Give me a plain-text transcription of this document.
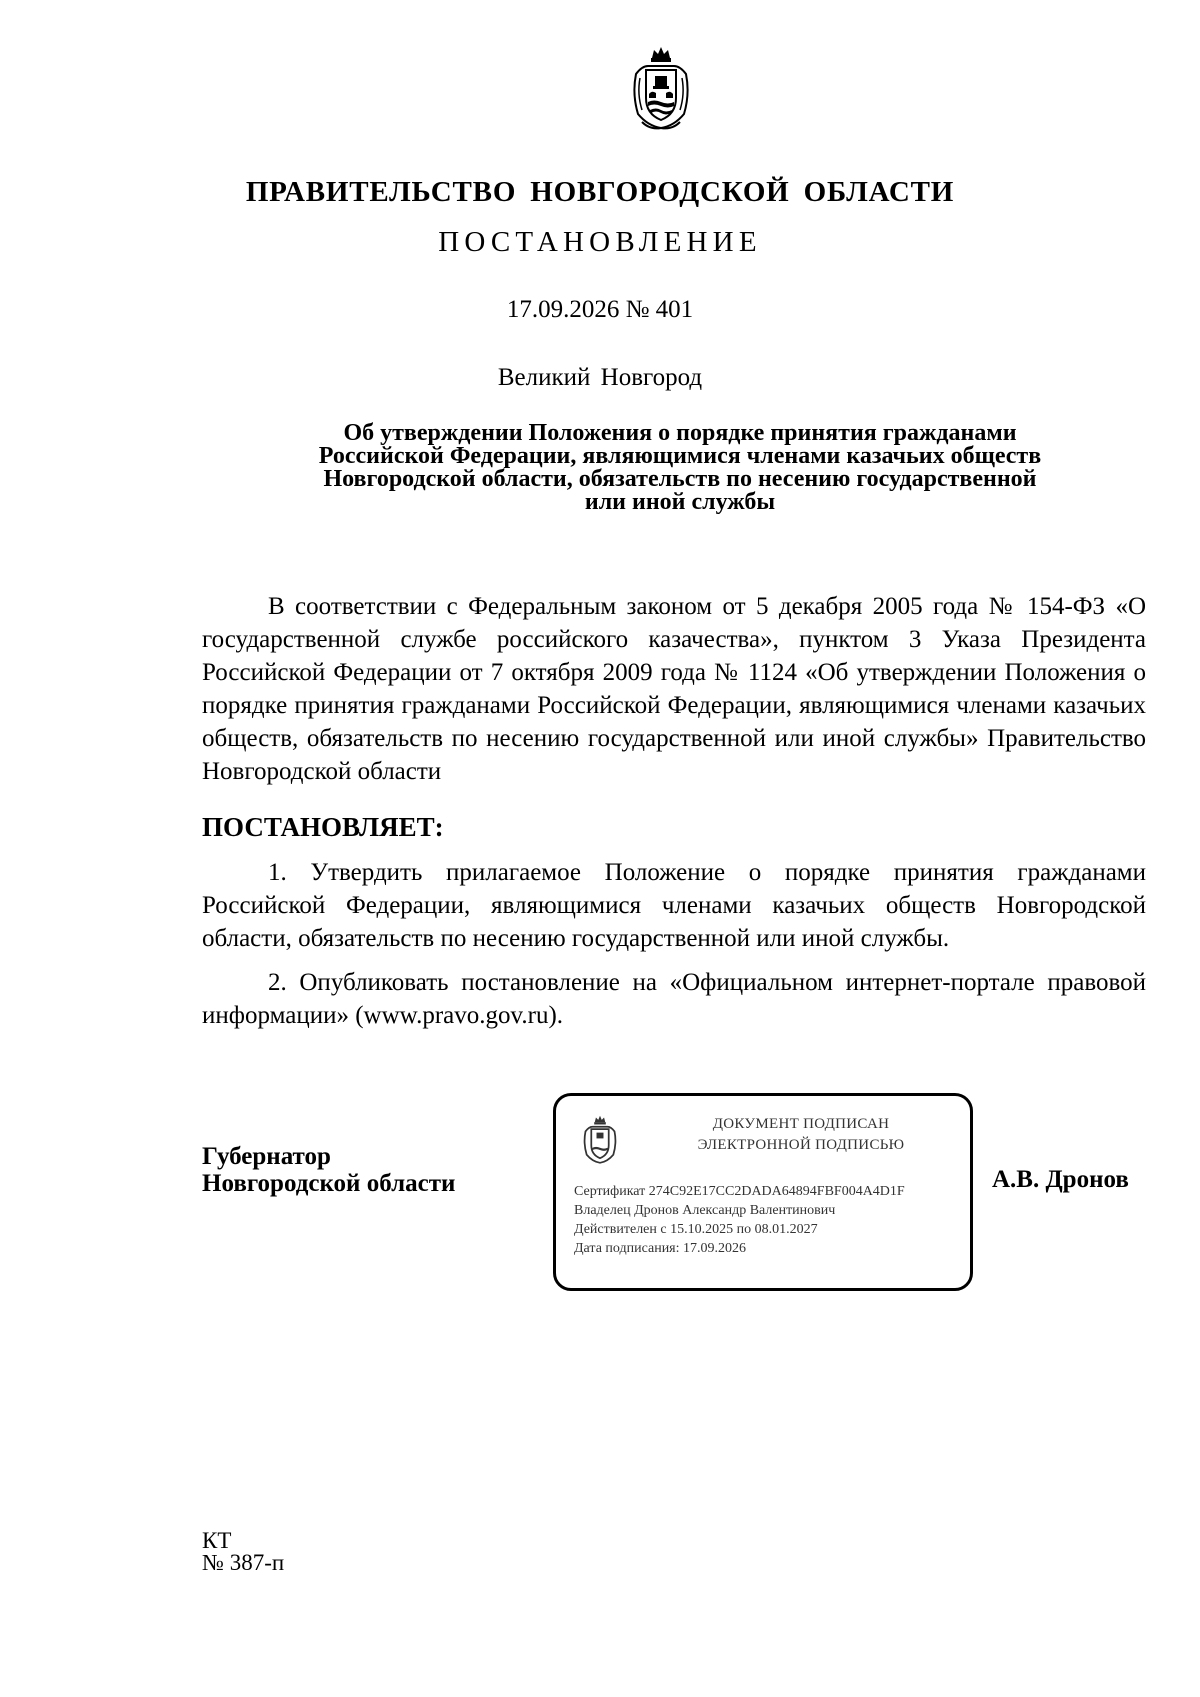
ПРАВИТЕЛЬСТВО НОВГОРОДСКОЙ ОБЛАСТИ
ПОСТАНОВЛЕНИЕ
17.09.2026 № 401
Великий Новгород
Об утверждении Положения о порядке принятия гражданами
Российской Федерации, являющимися членами казачьих обществ
Новгородской области, обязательств по несению государственной
или иной службы
В соответствии с Федеральным законом от 5 декабря 2005 года № 154-ФЗ «О государственной службе российского казачества», пунктом 3 Указа Президента Российской Федерации от 7 октября 2009 года № 1124 «Об утверждении Положения о порядке принятия гражданами Российской Федерации, являющимися членами казачьих обществ, обязательств по несению государственной или иной службы» Правительство Новгородской области
ПОСТАНОВЛЯЕТ:
1. Утвердить прилагаемое Положение о порядке принятия гражданами Российской Федерации, являющимися членами казачьих обществ Новгородской области, обязательств по несению государственной или иной службы.
2. Опубликовать постановление на «Официальном интернет-портале правовой информации» (www.pravo.gov.ru).
Губернатор
Новгородской области
ДОКУМЕНТ ПОДПИСАН
ЭЛЕКТРОННОЙ ПОДПИСЬЮ
Сертификат 274C92E17CC2DADA64894FBF004A4D1F
Владелец Дронов Александр Валентинович
Действителен с 15.10.2025 по 08.01.2027
Дата подписания: 17.09.2026
А.В. Дронов
КТ
№ 387-п
